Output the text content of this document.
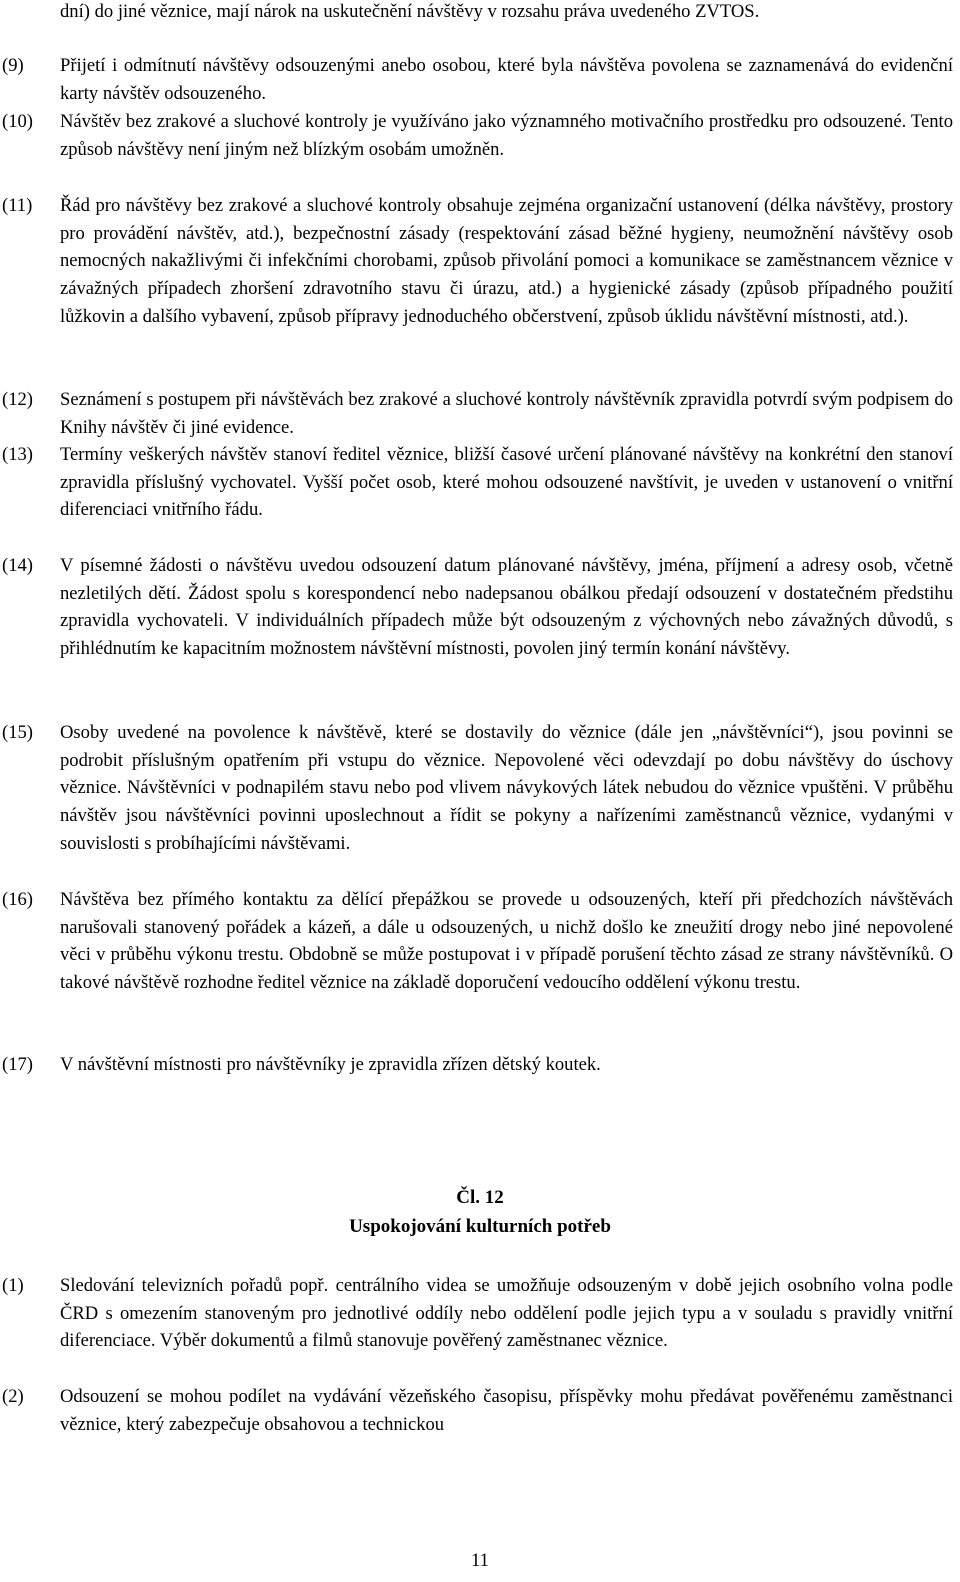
dní) do jiné věznice, mají nárok na uskutečnění návštěvy v rozsahu práva uvedeného ZVTOS.
(9) Přijetí i odmítnutí návštěvy odsouzenými anebo osobou, které byla návštěva povolena se zaznamenává do evidenční karty návštěv odsouzeného.
(10) Návštěv bez zrakové a sluchové kontroly je využíváno jako významného motivačního prostředku pro odsouzené. Tento způsob návštěvy není jiným než blízkým osobám umožněn.
(11) Řád pro návštěvy bez zrakové a sluchové kontroly obsahuje zejména organizační ustanovení (délka návštěvy, prostory pro provádění návštěv, atd.), bezpečnostní zásady (respektování zásad běžné hygieny, neumožnění návštěvy osob nemocných nakažlivými či infekčními chorobami, způsob přivolání pomoci a komunikace se zaměstnancem věznice v závažných případech zhoršení zdravotního stavu či úrazu, atd.) a hygienické zásady (způsob případného použití lůžkovin a dalšího vybavení, způsob přípravy jednoduchého občerstvení, způsob úklidu návštěvní místnosti, atd.).
(12) Seznámení s postupem při návštěvách bez zrakové a sluchové kontroly návštěvník zpravidla potvrdí svým podpisem do Knihy návštěv či jiné evidence.
(13) Termíny veškerých návštěv stanoví ředitel věznice, bližší časové určení plánované návštěvy na konkrétní den stanoví zpravidla příslušný vychovatel. Vyšší počet osob, které mohou odsouzené navštívit, je uveden v ustanovení o vnitřní diferenciaci vnitřního řádu.
(14) V písemné žádosti o návštěvu uvedou odsouzení datum plánované návštěvy, jména, příjmení a adresy osob, včetně nezletilých dětí. Žádost spolu s korespondencí nebo nadepsanou obálkou předají odsouzení v dostatečném předstihu zpravidla vychovateli. V individuálních případech může být odsouzeným z výchovných nebo závažných důvodů, s přihlédnutím ke kapacitním možnostem návštěvní místnosti, povolen jiný termín konání návštěvy.
(15) Osoby uvedené na povolence k návštěvě, které se dostavily do věznice (dále jen „návštěvníci“), jsou povinni se podrobit příslušným opatřením při vstupu do věznice. Nepovolené věci odevzdají po dobu návštěvy do úschovy věznice. Návštěvníci v podnapilém stavu nebo pod vlivem návykových látek nebudou do věznice vpuštěni. V průběhu návštěv jsou návštěvníci povinni uposlechnout a řídit se pokyny a nařízeními zaměstnanců věznice, vydanými v souvislosti s probíhajícími návštěvami.
(16) Návštěva bez přímého kontaktu za dělící přepážkou se provede u odsouzených, kteří při předchozích návštěvách narušovali stanovený pořádek a kázeň, a dále u odsouzených, u nichž došlo ke zneužití drogy nebo jiné nepovolené věci v průběhu výkonu trestu. Obdobně se může postupovat i v případě porušení těchto zásad ze strany návštěvníků. O takové návštěvě rozhodne ředitel věznice na základě doporučení vedoucího oddělení výkonu trestu.
(17) V návštěvní místnosti pro návštěvníky je zpravidla zřízen dětský koutek.
Čl. 12
Uspokojování kulturních potřeb
(1) Sledování televizních pořadů popř. centrálního videa se umožňuje odsouzeným v době jejich osobního volna podle ČRD s omezením stanoveným pro jednotlivé oddíly nebo oddělení podle jejich typu a v souladu s pravidly vnitřní diferenciace. Výběr dokumentů a filmů stanovuje pověřený zaměstnanec věznice.
(2) Odsouzení se mohou podílet na vydávání vězeňského časopisu, příspěvky mohu předávat pověřenému zaměstnanci věznice, který zabezpečuje obsahovou a technickou
11
